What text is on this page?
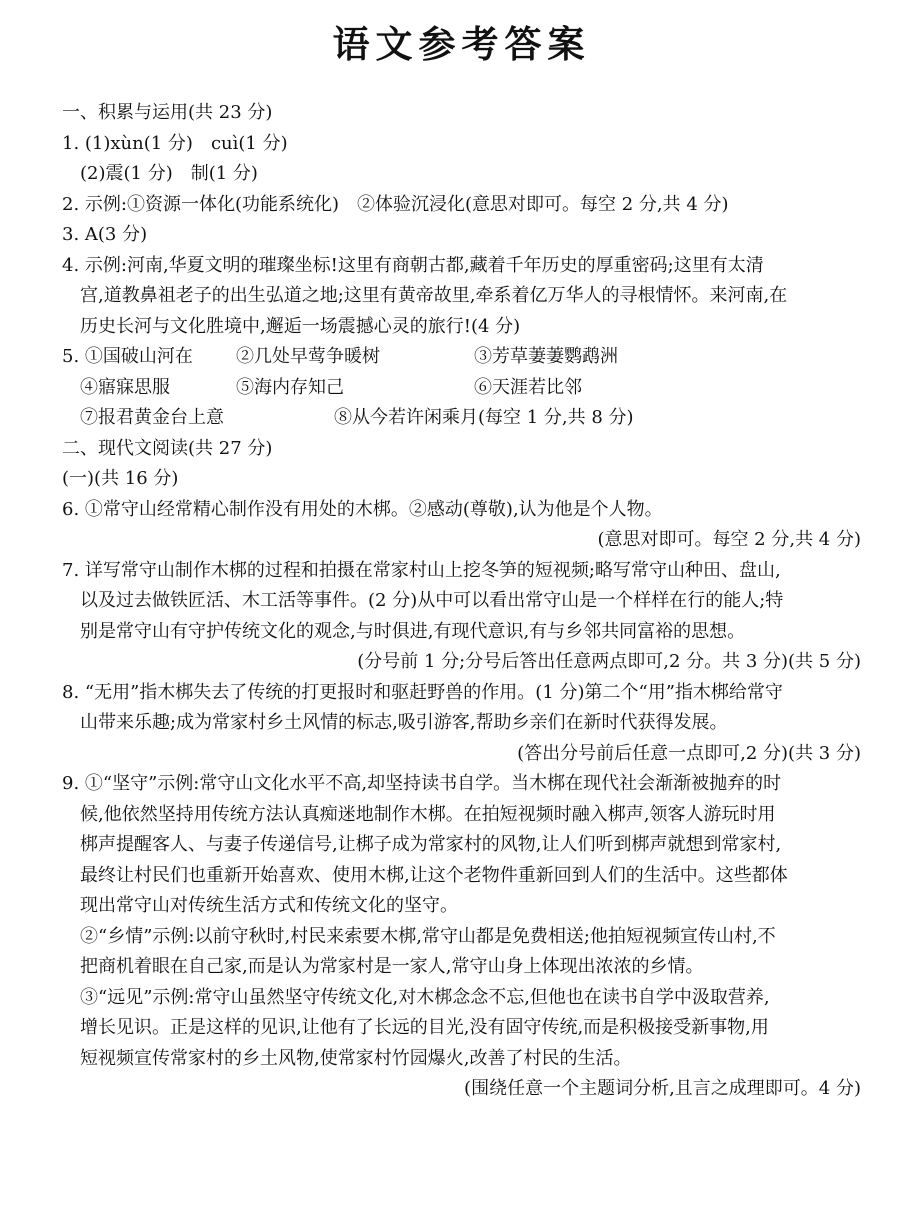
语文参考答案
一、积累与运用(共 23 分)
1. (1)xùn(1 分)　cuì(1 分)
(2)震(1 分)　制(1 分)
2. 示例:①资源一体化(功能系统化)　②体验沉浸化(意思对即可。每空 2 分,共 4 分)
3. A(3 分)
4. 示例:河南,华夏文明的璀璨坐标!这里有商朝古都,藏着千年历史的厚重密码;这里有太清
宫,道教鼻祖老子的出生弘道之地;这里有黄帝故里,牵系着亿万华人的寻根情怀。来河南,在
历史长河与文化胜境中,邂逅一场震撼心灵的旅行!(4 分)
5. ①国破山河在	②几处早莺争暖树	③芳草萋萋鹦鹉洲
④寤寐思服	⑤海内存知己	⑥天涯若比邻
⑦报君黄金台上意	⑧从今若许闲乘月(每空 1 分,共 8 分)
二、现代文阅读(共 27 分)
(一)(共 16 分)
6. ①常守山经常精心制作没有用处的木梆。②感动(尊敬),认为他是个人物。
(意思对即可。每空 2 分,共 4 分)
7. 详写常守山制作木梆的过程和拍摄在常家村山上挖冬笋的短视频;略写常守山种田、盘山,
以及过去做铁匠活、木工活等事件。(2 分)从中可以看出常守山是一个样样在行的能人;特
别是常守山有守护传统文化的观念,与时俱进,有现代意识,有与乡邻共同富裕的思想。
(分号前 1 分;分号后答出任意两点即可,2 分。共 3 分)(共 5 分)
8. “无用”指木梆失去了传统的打更报时和驱赶野兽的作用。(1 分)第二个“用”指木梆给常守
山带来乐趣;成为常家村乡土风情的标志,吸引游客,帮助乡亲们在新时代获得发展。
(答出分号前后任意一点即可,2 分)(共 3 分)
9. ①“坚守”示例:常守山文化水平不高,却坚持读书自学。当木梆在现代社会渐渐被抛弃的时
候,他依然坚持用传统方法认真痴迷地制作木梆。在拍短视频时融入梆声,领客人游玩时用
梆声提醒客人、与妻子传递信号,让梆子成为常家村的风物,让人们听到梆声就想到常家村,
最终让村民们也重新开始喜欢、使用木梆,让这个老物件重新回到人们的生活中。这些都体
现出常守山对传统生活方式和传统文化的坚守。
②“乡情”示例:以前守秋时,村民来索要木梆,常守山都是免费相送;他拍短视频宣传山村,不
把商机着眼在自己家,而是认为常家村是一家人,常守山身上体现出浓浓的乡情。
③“远见”示例:常守山虽然坚守传统文化,对木梆念念不忘,但他也在读书自学中汲取营养,
增长见识。正是这样的见识,让他有了长远的目光,没有固守传统,而是积极接受新事物,用
短视频宣传常家村的乡土风物,使常家村竹园爆火,改善了村民的生活。
(围绕任意一个主题词分析,且言之成理即可。4 分)
